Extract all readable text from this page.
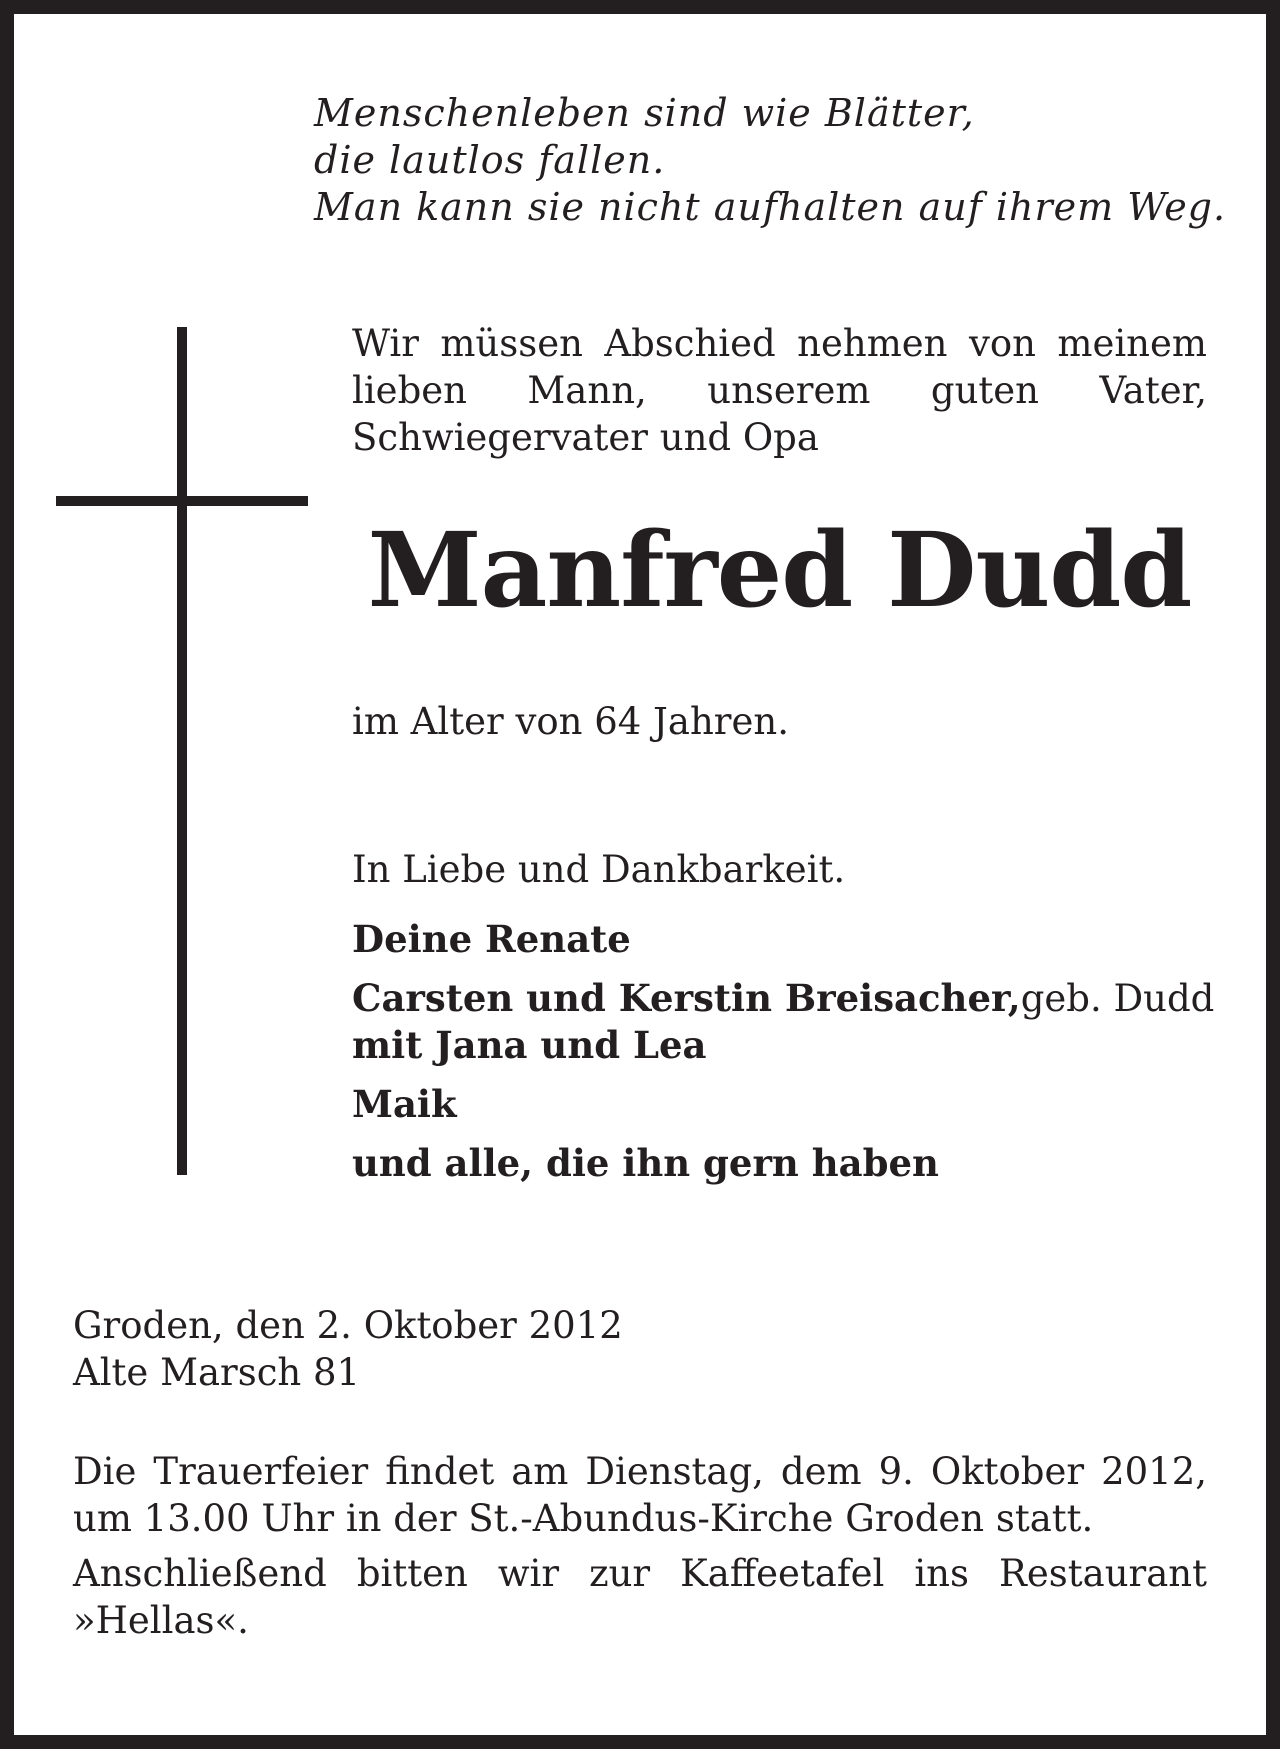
Menschenleben sind wie Blätter,
die lautlos fallen.
Man kann sie nicht aufhalten auf ihrem Weg.
Wir müssen Abschied nehmen von meinem
lieben Mann, unserem guten Vater,
Schwiegervater und Opa
Manfred Dudd
im Alter von 64 Jahren.
In Liebe und Dankbarkeit.
Deine Renate
Carsten und Kerstin Breisacher, geb. Dudd
mit Jana und Lea
Maik
und alle, die ihn gern haben
Groden, den 2. Oktober 2012
Alte Marsch 81

Die Trauerfeier findet am Dienstag, dem 9. Oktober 2012,
um 13.00 Uhr in der St.-Abundus-Kirche Groden statt.

Anschließend bitten wir zur Kaffeetafel ins Restaurant
»Hellas«.
